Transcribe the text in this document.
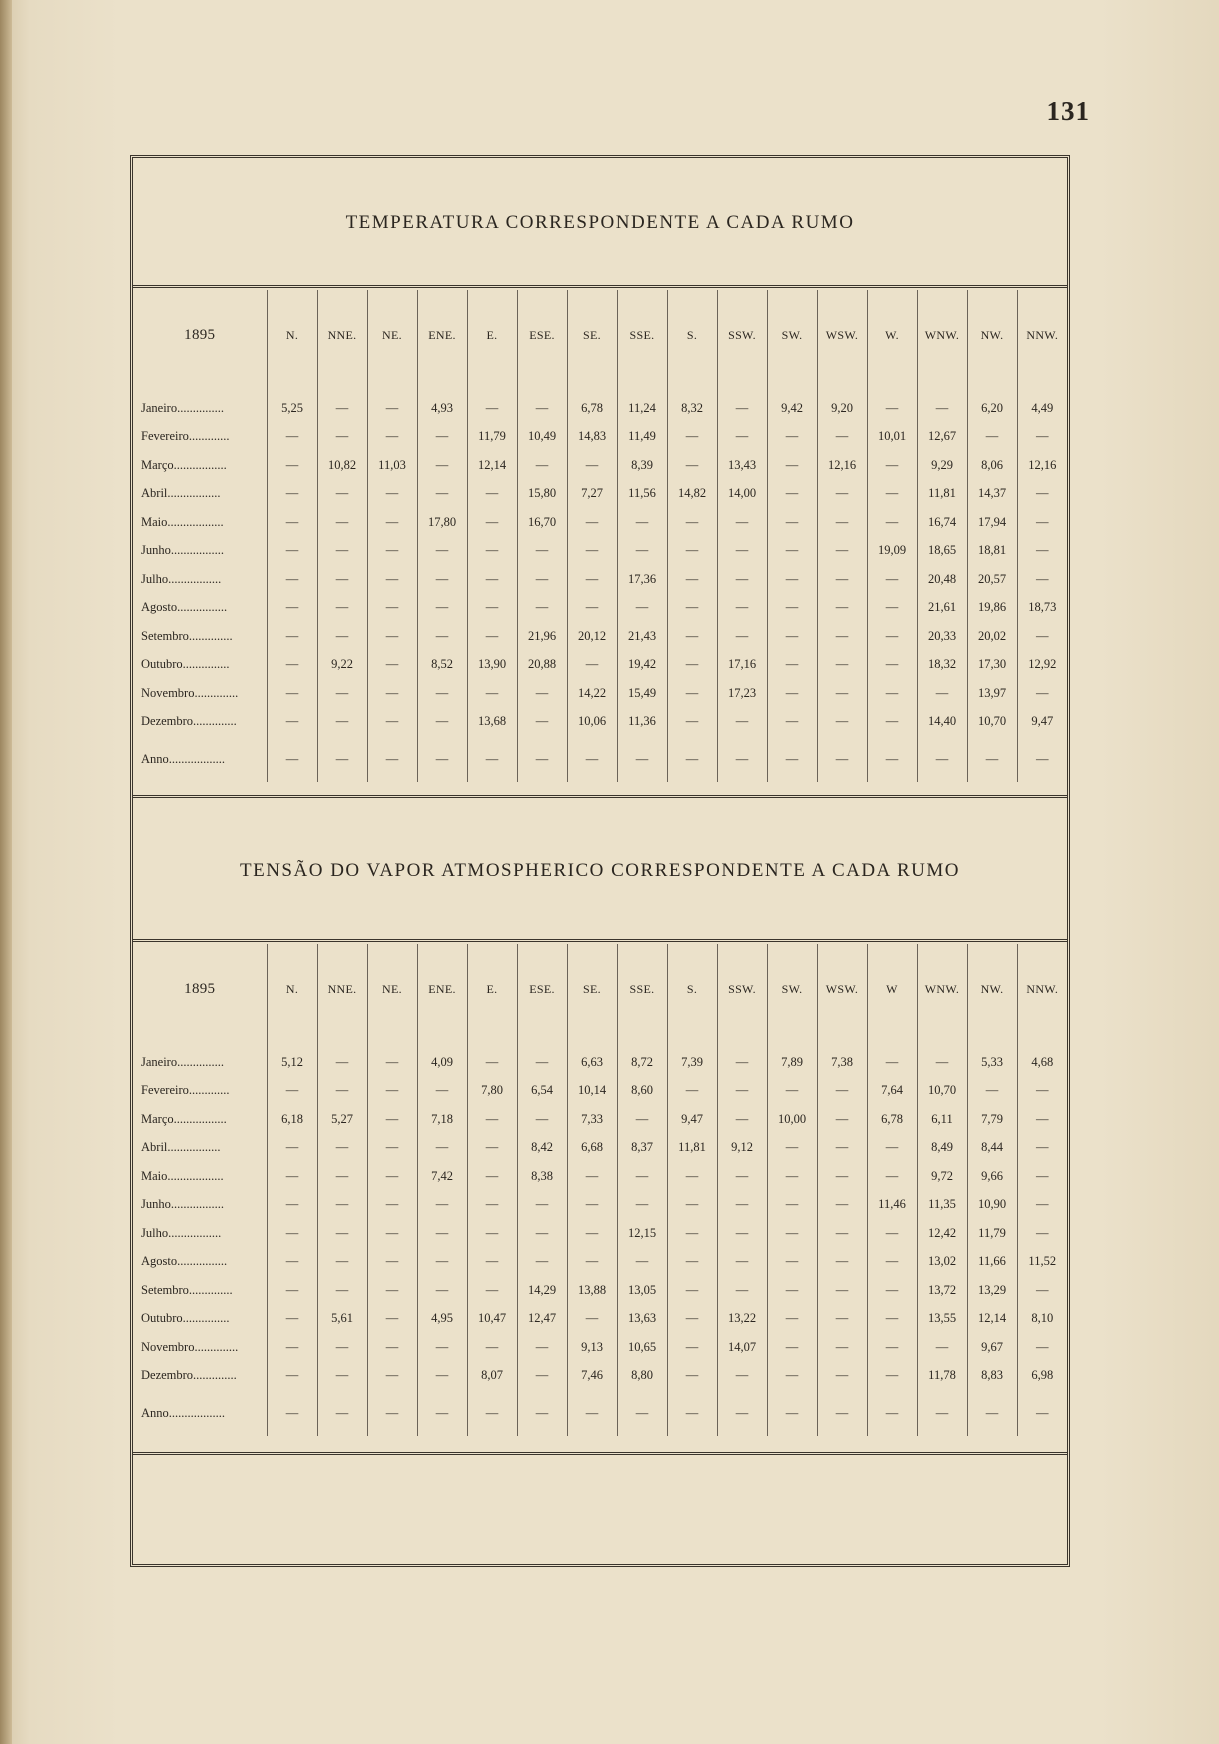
131
TEMPERATURA CORRESPONDENTE A CADA RUMO
1895	N.	NNE.	NE.	ENE.	E.	ESE.	SE.	SSE.	S.	SSW.	SW.	WSW.	W.	WNW.	NW.	NNW.

Janeiro...............	5,25	—	—	4,93	—	—	6,78	11,24	8,32	—	9,42	9,20	—	—	6,20	4,49
Fevereiro.............	—	—	—	—	11,79	10,49	14,83	11,49	—	—	—	—	10,01	12,67	—	—
Março.................	—	10,82	11,03	—	12,14	—	—	8,39	—	13,43	—	12,16	—	9,29	8,06	12,16
Abril.................	—	—	—	—	—	15,80	7,27	11,56	14,82	14,00	—	—	—	11,81	14,37	—
Maio..................	—	—	—	17,80	—	16,70	—	—	—	—	—	—	—	16,74	17,94	—
Junho.................	—	—	—	—	—	—	—	—	—	—	—	—	19,09	18,65	18,81	—
Julho.................	—	—	—	—	—	—	—	17,36	—	—	—	—	—	20,48	20,57	—
Agosto................	—	—	—	—	—	—	—	—	—	—	—	—	—	21,61	19,86	18,73
Setembro..............	—	—	—	—	—	21,96	20,12	21,43	—	—	—	—	—	20,33	20,02	—
Outubro...............	—	9,22	—	8,52	13,90	20,88	—	19,42	—	17,16	—	—	—	18,32	17,30	12,92
Novembro..............	—	—	—	—	—	—	14,22	15,49	—	17,23	—	—	—	—	13,97	—
Dezembro..............	—	—	—	—	13,68	—	10,06	11,36	—	—	—	—	—	14,40	10,70	9,47
Anno..................	—	—	—	—	—	—	—	—	—	—	—	—	—	—	—	—
TENSÃO DO VAPOR ATMOSPHERICO CORRESPONDENTE A CADA RUMO
1895	N.	NNE.	NE.	ENE.	E.	ESE.	SE.	SSE.	S.	SSW.	SW.	WSW.	W	WNW.	NW.	NNW.

Janeiro...............	5,12	—	—	4,09	—	—	6,63	8,72	7,39	—	7,89	7,38	—	—	5,33	4,68
Fevereiro.............	—	—	—	—	7,80	6,54	10,14	8,60	—	—	—	—	7,64	10,70	—	—
Março.................	6,18	5,27	—	7,18	—	—	7,33	—	9,47	—	10,00	—	6,78	6,11	7,79	—
Abril.................	—	—	—	—	—	8,42	6,68	8,37	11,81	9,12	—	—	—	8,49	8,44	—
Maio..................	—	—	—	7,42	—	8,38	—	—	—	—	—	—	—	9,72	9,66	—
Junho.................	—	—	—	—	—	—	—	—	—	—	—	—	11,46	11,35	10,90	—
Julho.................	—	—	—	—	—	—	—	12,15	—	—	—	—	—	12,42	11,79	—
Agosto................	—	—	—	—	—	—	—	—	—	—	—	—	—	13,02	11,66	11,52
Setembro..............	—	—	—	—	—	14,29	13,88	13,05	—	—	—	—	—	13,72	13,29	—
Outubro...............	—	5,61	—	4,95	10,47	12,47	—	13,63	—	13,22	—	—	—	13,55	12,14	8,10
Novembro..............	—	—	—	—	—	—	9,13	10,65	—	14,07	—	—	—	—	9,67	—
Dezembro..............	—	—	—	—	8,07	—	7,46	8,80	—	—	—	—	—	11,78	8,83	6,98
Anno..................	—	—	—	—	—	—	—	—	—	—	—	—	—	—	—	—
